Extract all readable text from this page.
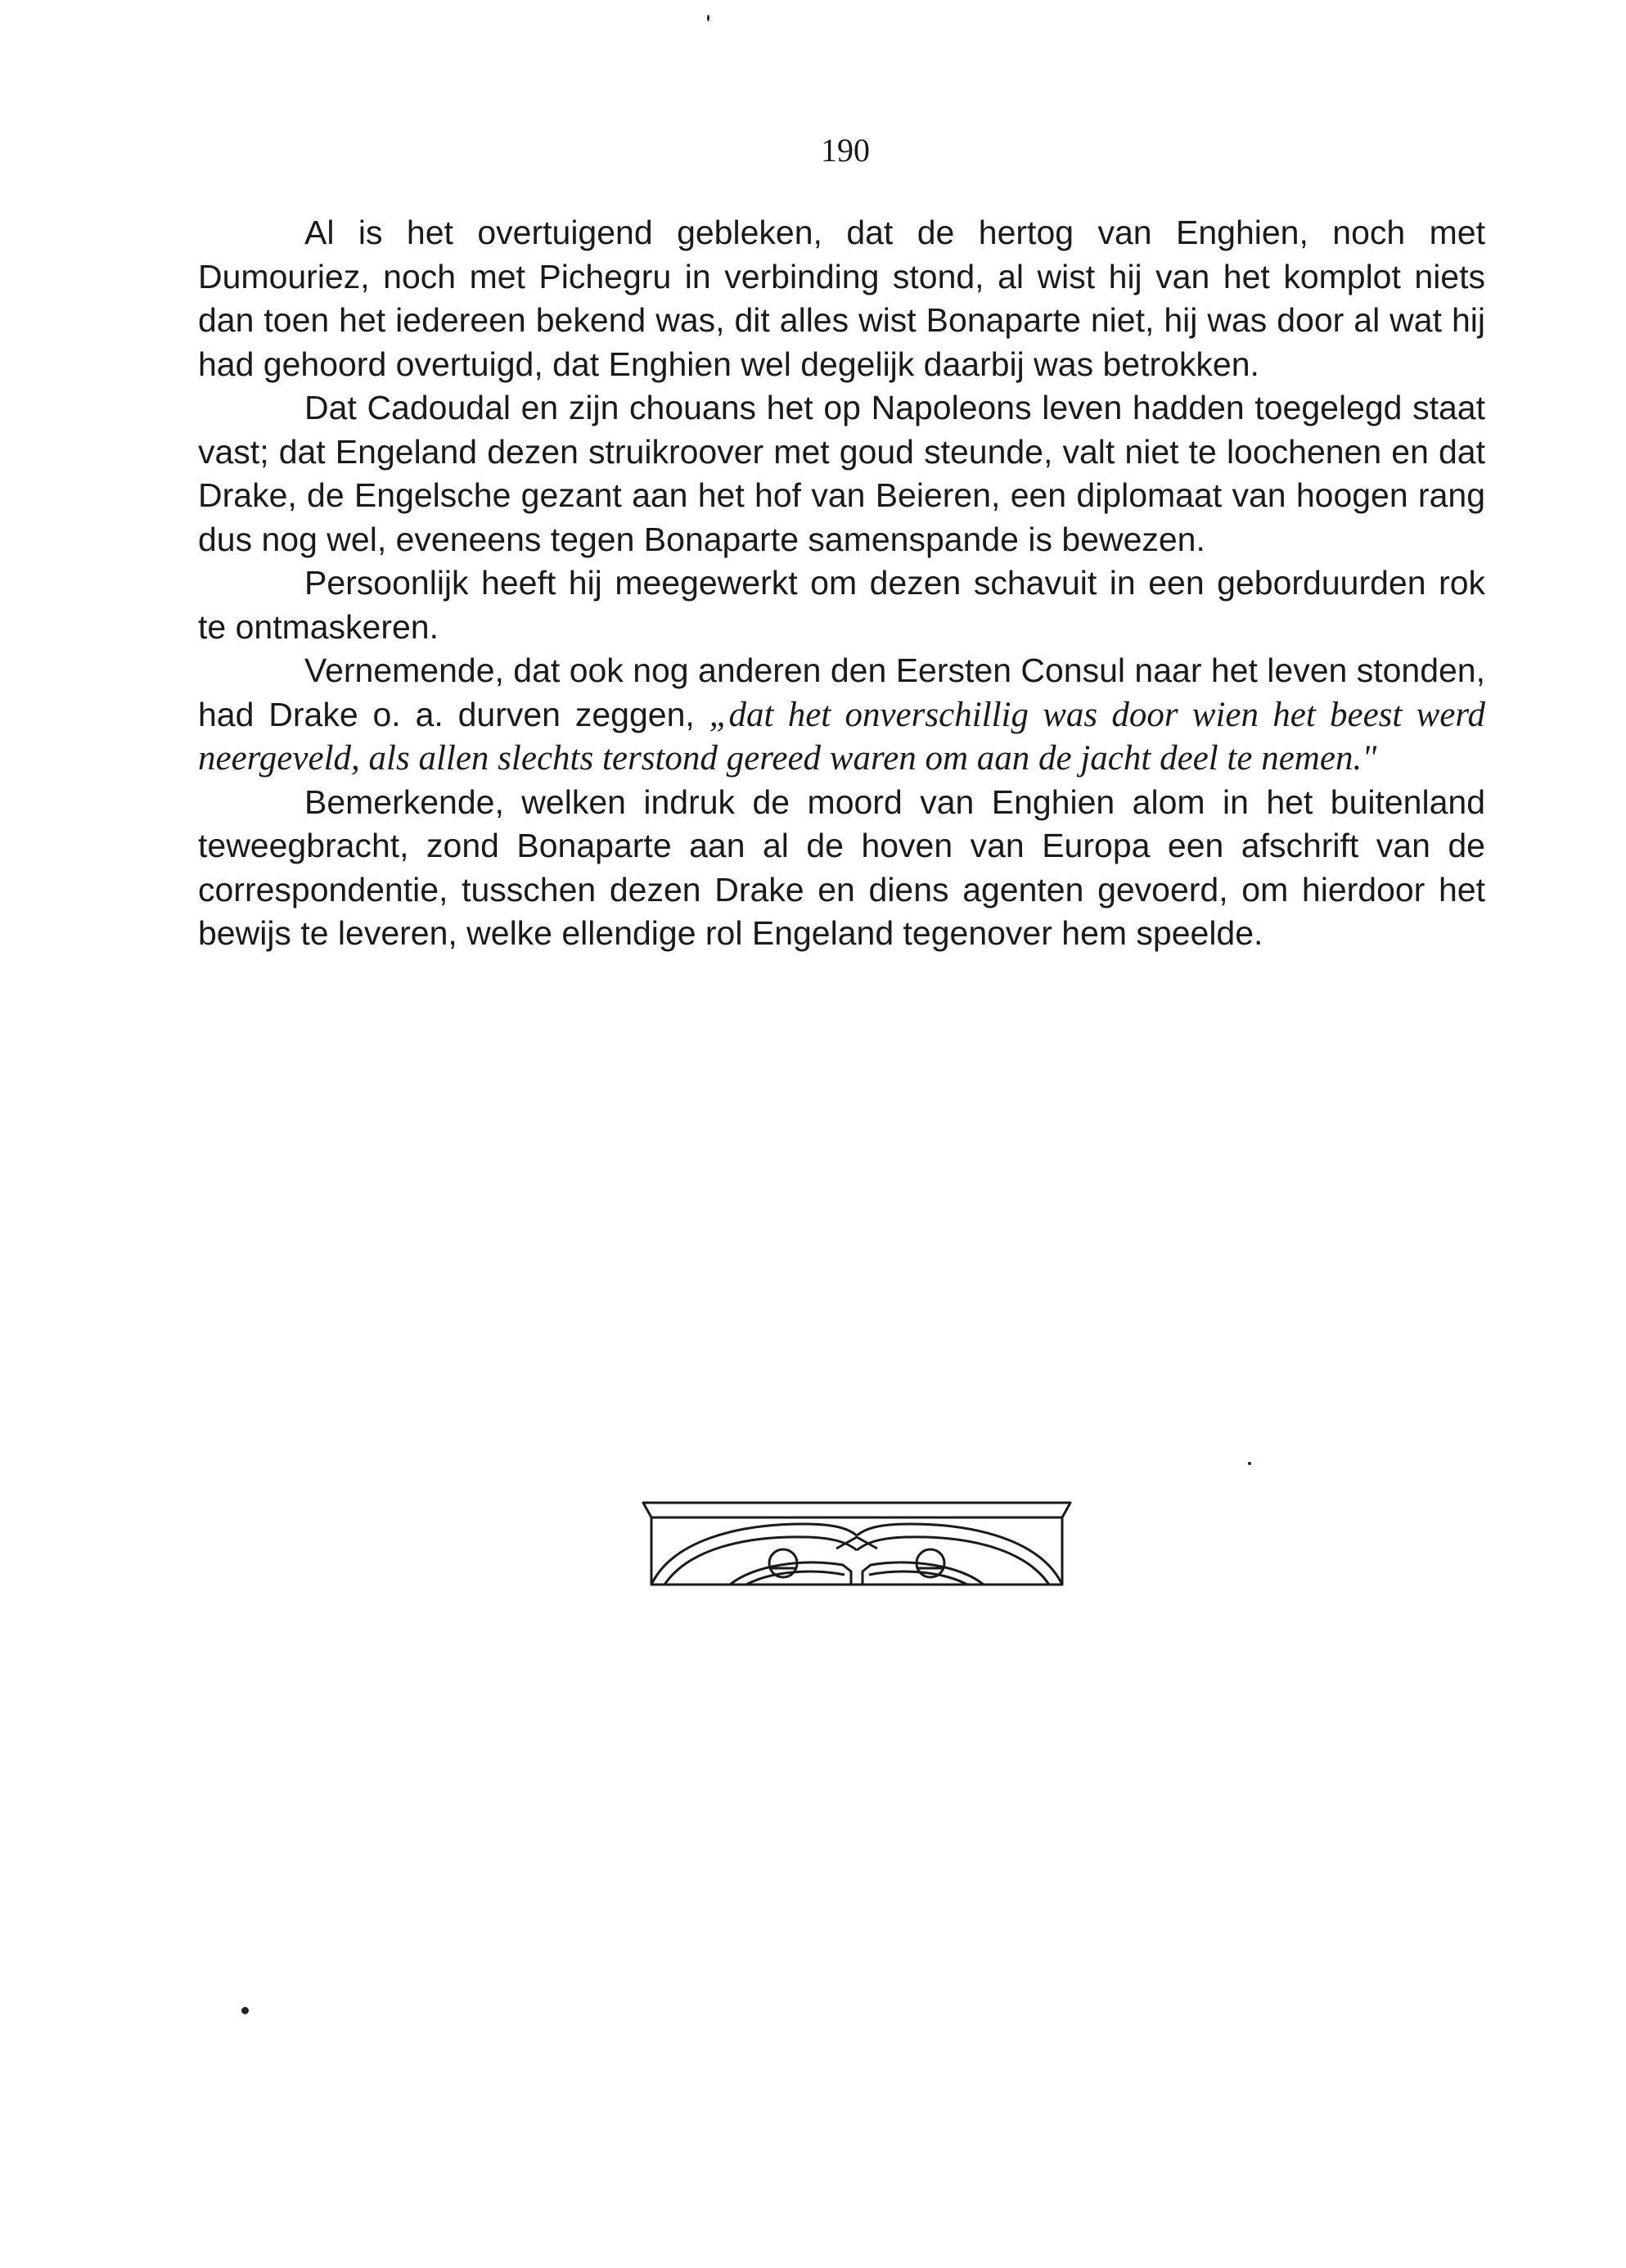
190

Al is het overtuigend gebleken, dat de hertog van Enghien, noch met Dumouriez, noch met Pichegru in verbinding stond, al wist hij van het komplot niets dan toen het iedereen bekend was, dit alles wist Bonaparte niet, hij was door al wat hij had gehoord overtuigd, dat Enghien wel degelijk daarbij was betrokken.

Dat Cadoudal en zijn chouans het op Napoleons leven hadden toegelegd staat vast; dat Engeland dezen struikroover met goud steunde, valt niet te loochenen en dat Drake, de Engelsche gezant aan het hof van Beieren, een diplomaat van hoogen rang dus nog wel, eveneens tegen Bonaparte samenspande is bewezen.

Persoonlijk heeft hij meegewerkt om dezen schavuit in een geborduurden rok te ontmaskeren.

Vernemende, dat ook nog anderen den Eersten Consul naar het leven stonden, had Drake o. a. durven zeggen, „dat het onverschillig was door wien het beest werd neergeveld, als allen slechts terstond gereed waren om aan de jacht deel te nemen."

Bemerkende, welken indruk de moord van Enghien alom in het buitenland teweegbracht, zond Bonaparte aan al de hoven van Europa een afschrift van de correspondentie, tusschen dezen Drake en diens agenten gevoerd, om hierdoor het bewijs te leveren, welke ellendige rol Engeland tegenover hem speelde.
